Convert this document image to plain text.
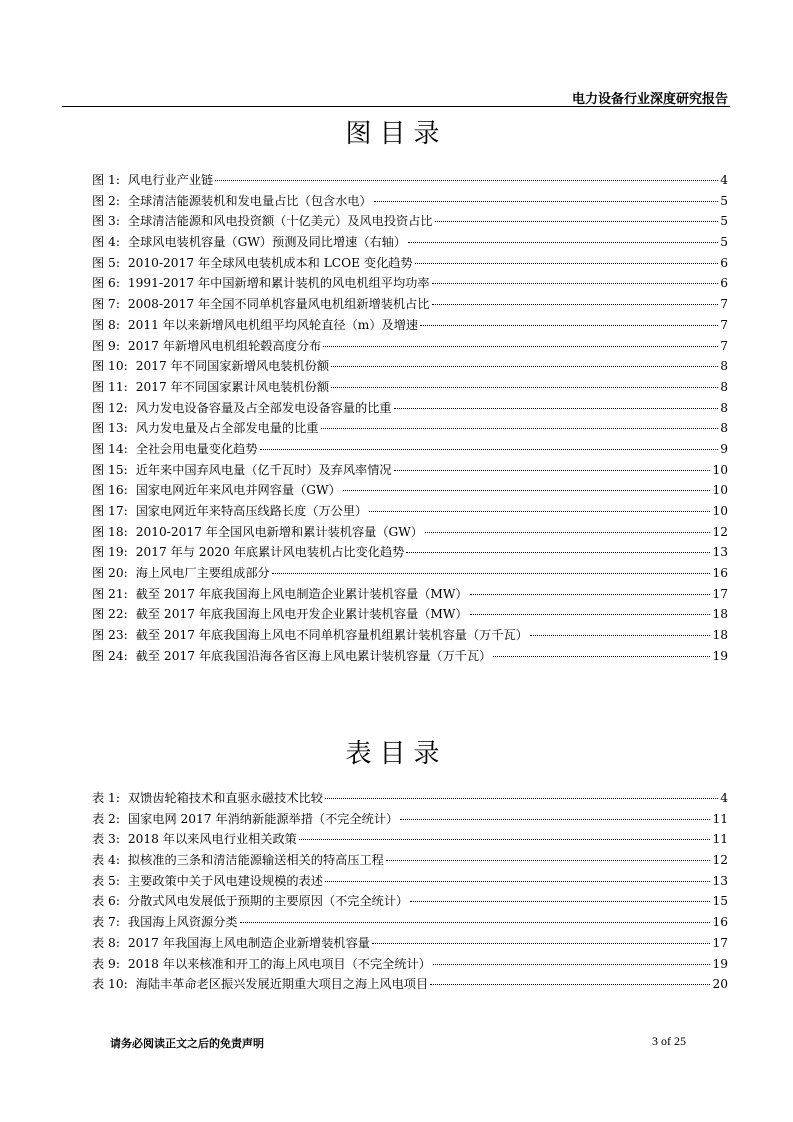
电力设备行业深度研究报告
图目录
图 1: 风电行业产业链	4
图 2: 全球清洁能源装机和发电量占比（包含水电）	5
图 3: 全球清洁能源和风电投资额（十亿美元）及风电投资占比	5
图 4: 全球风电装机容量（GW）预测及同比增速（右轴）	5
图 5: 2010-2017 年全球风电装机成本和 LCOE 变化趋势	6
图 6: 1991-2017 年中国新增和累计装机的风电机组平均功率	6
图 7: 2008-2017 年全国不同单机容量风电机组新增装机占比	7
图 8: 2011 年以来新增风电机组平均风轮直径（m）及增速	7
图 9: 2017 年新增风电机组轮毂高度分布	7
图 10: 2017 年不同国家新增风电装机份额	8
图 11: 2017 年不同国家累计风电装机份额	8
图 12: 风力发电设备容量及占全部发电设备容量的比重	8
图 13: 风力发电量及占全部发电量的比重	8
图 14: 全社会用电量变化趋势	9
图 15: 近年来中国弃风电量（亿千瓦时）及弃风率情况	10
图 16: 国家电网近年来风电并网容量（GW）	10
图 17: 国家电网近年来特高压线路长度（万公里）	10
图 18: 2010-2017 年全国风电新增和累计装机容量（GW）	12
图 19: 2017 年与 2020 年底累计风电装机占比变化趋势	13
图 20: 海上风电厂主要组成部分	16
图 21: 截至 2017 年底我国海上风电制造企业累计装机容量（MW）	17
图 22: 截至 2017 年底我国海上风电开发企业累计装机容量（MW）	18
图 23: 截至 2017 年底我国海上风电不同单机容量机组累计装机容量（万千瓦）	18
图 24: 截至 2017 年底我国沿海各省区海上风电累计装机容量（万千瓦）	19
表目录
表 1: 双馈齿轮箱技术和直驱永磁技术比较	4
表 2: 国家电网 2017 年消纳新能源举措（不完全统计）	11
表 3: 2018 年以来风电行业相关政策	11
表 4: 拟核准的三条和清洁能源输送相关的特高压工程	12
表 5: 主要政策中关于风电建设规模的表述	13
表 6: 分散式风电发展低于预期的主要原因（不完全统计）	15
表 7: 我国海上风资源分类	16
表 8: 2017 年我国海上风电制造企业新增装机容量	17
表 9: 2018 年以来核准和开工的海上风电项目（不完全统计）	19
表 10: 海陆丰革命老区振兴发展近期重大项目之海上风电项目	20
请务必阅读正文之后的免责声明	3 of 25
